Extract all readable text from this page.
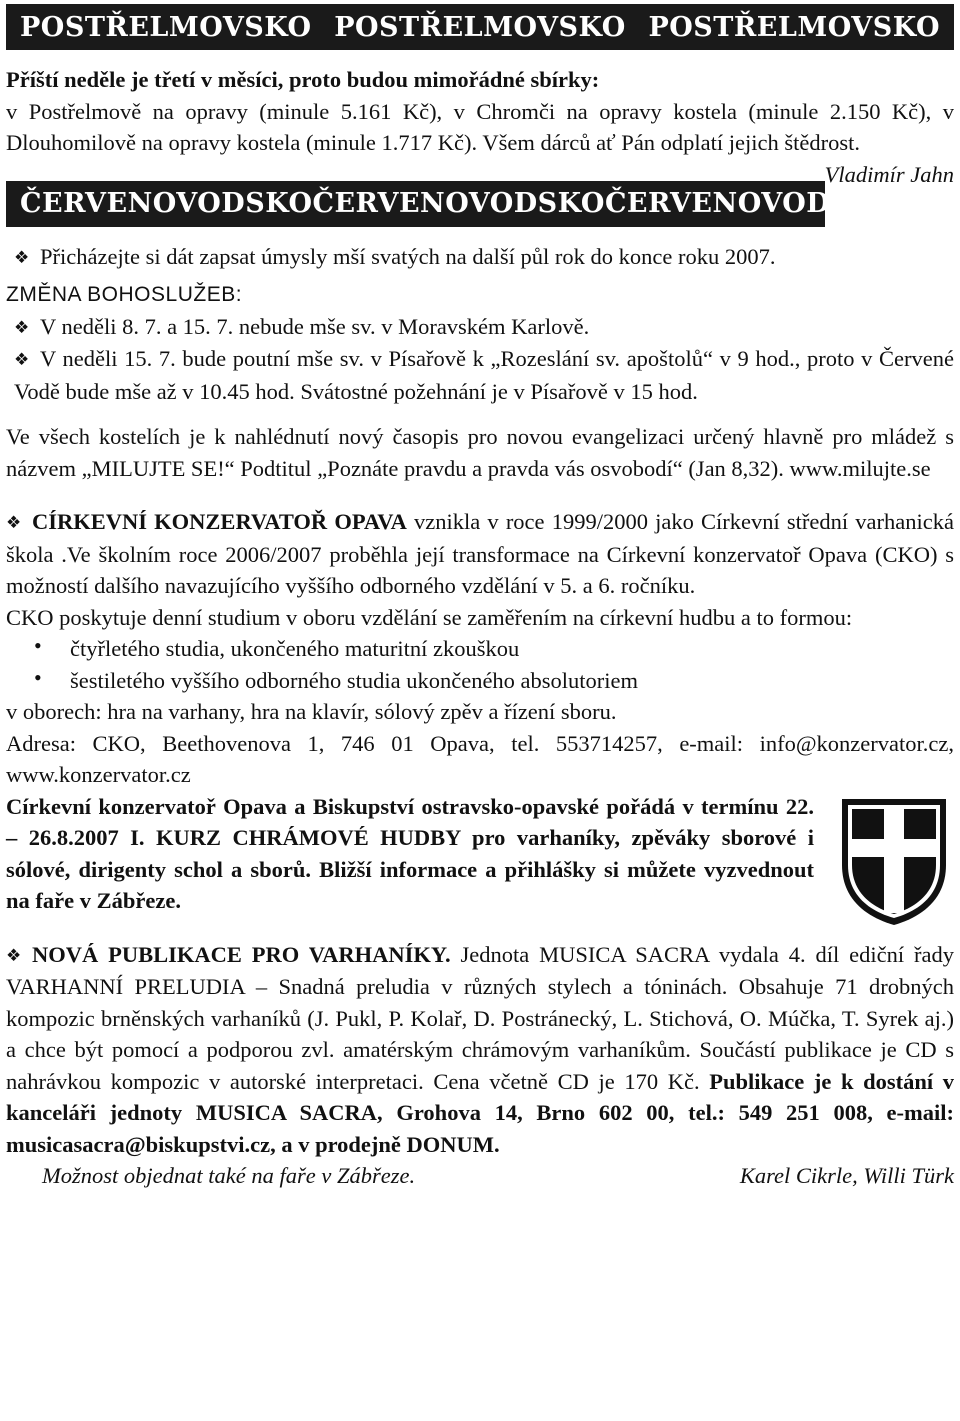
POSTŘELMOVSKO POSTŘELMOVSKO POSTŘELMOVSKO

Příští neděle je třetí v měsíci, proto budou mimořádné sbírky:

v Postřelmově na opravy (minule 5.161 Kč), v Chromči na opravy kostela (minule 2.150 Kč), v Dlouhomilově na opravy kostela (minule 1.717 Kč). Všem dárců ať Pán odplatí jejich štědrost.
Vladimír Jahn

ČERVENOVODSKO ČERVENOVODSKO ČERVENOVODSKO

❖ Přicházejte si dát zapsat úmysly mší svatých na další půl rok do konce roku 2007.

ZMĚNA BOHOSLUŽEB:

❖ V neděli 8. 7. a 15. 7. nebude mše sv. v Moravském Karlově.

❖ V neděli 15. 7. bude poutní mše sv. v Písařově k „Rozeslání sv. apoštolů“ v 9 hod., proto v Červené Vodě bude mše až v 10.45 hod. Svátostné požehnání je v Písařově v 15 hod.

Ve všech kostelích je k nahlédnutí nový časopis pro novou evangelizaci určený hlavně pro mládež s názvem „MILUJTE SE!“ Podtitul „Poznáte pravdu a pravda vás osvobodí“ (Jan 8,32). www.milujte.se

❖ CÍRKEVNÍ KONZERVATOŘ OPAVA vznikla v roce 1999/2000 jako Církevní střední varhanická škola .Ve školním roce 2006/2007 proběhla její transformace na Církevní konzervatoř Opava (CKO) s možností dalšího navazujícího vyššího odborného vzdělání v 5. a 6. ročníku.

CKO poskytuje denní studium v oboru vzdělání se zaměřením na církevní hudbu a to formou:

•	čtyřletého studia, ukončeného maturitní zkouškou

•	šestiletého vyššího odborného studia ukončeného absolutoriem

v oborech: hra na varhany, hra na klavír, sólový zpěv a řízení sboru.

Adresa: CKO, Beethovenova 1, 746 01 Opava, tel. 553714257, e-mail: info@konzervator.cz, www.konzervator.cz

Církevní konzervatoř Opava a Biskupství ostravsko-opavské pořádá v termínu 22. – 26.8.2007 I. KURZ CHRÁMOVÉ HUDBY pro varhaníky, zpěváky sborové i sólové, dirigenty schol a sborů. Bližší informace a přihlášky si můžete vyzvednout na faře v Zábřeze.

❖ NOVÁ PUBLIKACE PRO VARHANÍKY. Jednota MUSICA SACRA vydala 4. díl ediční řady VARHANNÍ PRELUDIA – Snadná preludia v různých stylech a tóninách. Obsahuje 71 drobných kompozic brněnských varhaníků (J. Pukl, P. Kolař, D. Postránecký, L. Stichová, O. Múčka, T. Syrek aj.) a chce být pomocí a podporou zvl. amatérským chrámovým varhaníkům. Součástí publikace je CD s nahrávkou kompozic v autorské interpretaci. Cena včetně CD je 170 Kč. Publikace je k dostání v kanceláři jednoty MUSICA SACRA, Grohova 14, Brno 602 00, tel.: 549 251 008, e-mail: musicasacra@biskupstvi.cz, a v prodejně DONUM.

Možnost objednat také na faře v Zábřeze.	Karel Cikrle, Willi Türk
